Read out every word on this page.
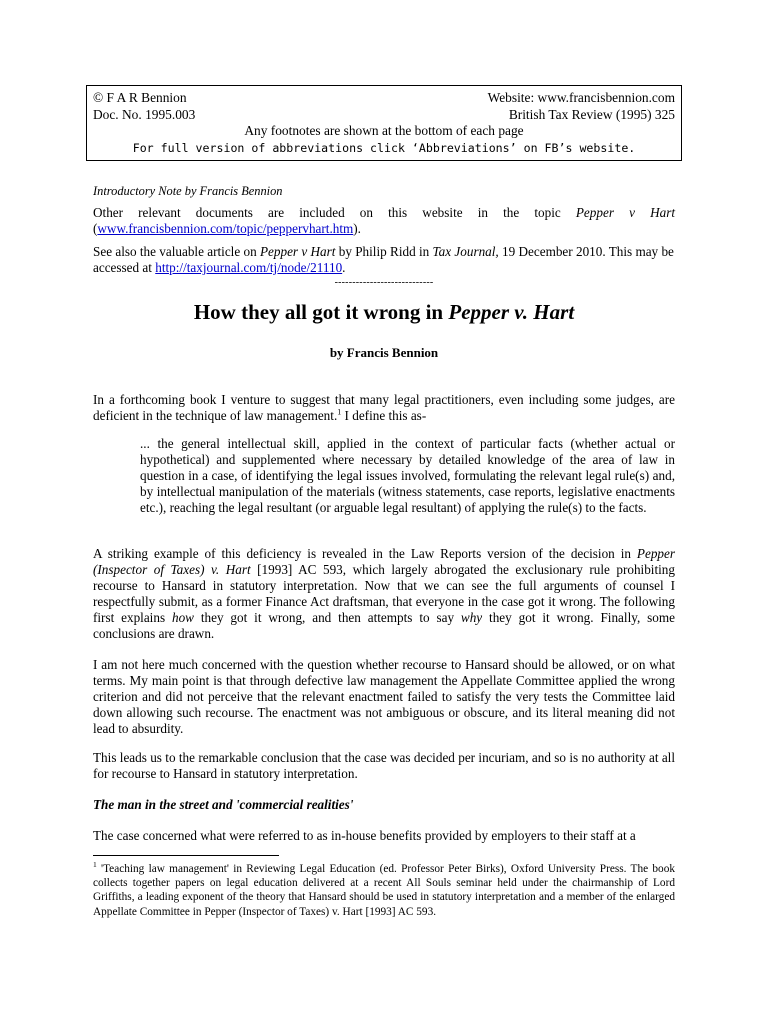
© F A R Bennion	Website: www.francisbennion.com
Doc. No. 1995.003	British Tax Review (1995) 325
Any footnotes are shown at the bottom of each page
For full version of abbreviations click ‘Abbreviations’ on FB’s website.
Introductory Note by Francis Bennion
Other relevant documents are included on this website in the topic Pepper v Hart (www.francisbennion.com/topic/peppervhart.htm).
See also the valuable article on Pepper v Hart by Philip Ridd in Tax Journal, 19 December 2010. This may be accessed at http://taxjournal.com/tj/node/21110.
----------------------------
How they all got it wrong in Pepper v. Hart
by Francis Bennion
In a forthcoming book I venture to suggest that many legal practitioners, even including some judges, are deficient in the technique of law management.$^1$ I define this as-
... the general intellectual skill, applied in the context of particular facts (whether actual or hypothetical) and supplemented where necessary by detailed knowledge of the area of law in question in a case, of identifying the legal issues involved, formulating the relevant legal rule(s) and, by intellectual manipulation of the materials (witness statements, case reports, legislative enactments etc.), reaching the legal resultant (or arguable legal resultant) of applying the rule(s) to the facts.
A striking example of this deficiency is revealed in the Law Reports version of the decision in Pepper (Inspector of Taxes) v. Hart [1993] AC 593, which largely abrogated the exclusionary rule prohibiting recourse to Hansard in statutory interpretation. Now that we can see the full arguments of counsel I respectfully submit, as a former Finance Act draftsman, that everyone in the case got it wrong. The following first explains how they got it wrong, and then attempts to say why they got it wrong. Finally, some conclusions are drawn.
I am not here much concerned with the question whether recourse to Hansard should be allowed, or on what terms. My main point is that through defective law management the Appellate Committee applied the wrong criterion and did not perceive that the relevant enactment failed to satisfy the very tests the Committee laid down allowing such recourse. The enactment was not ambiguous or obscure, and its literal meaning did not lead to absurdity.
This leads us to the remarkable conclusion that the case was decided per incuriam, and so is no authority at all for recourse to Hansard in statutory interpretation.
The man in the street and 'commercial realities'
The case concerned what were referred to as in-house benefits provided by employers to their staff at a
$^1$ 'Teaching law management' in Reviewing Legal Education (ed. Professor Peter Birks), Oxford University Press. The book collects together papers on legal education delivered at a recent All Souls seminar held under the chairmanship of Lord Griffiths, a leading exponent of the theory that Hansard should be used in statutory interpretation and a member of the enlarged Appellate Committee in Pepper (Inspector of Taxes) v. Hart [1993] AC 593.
